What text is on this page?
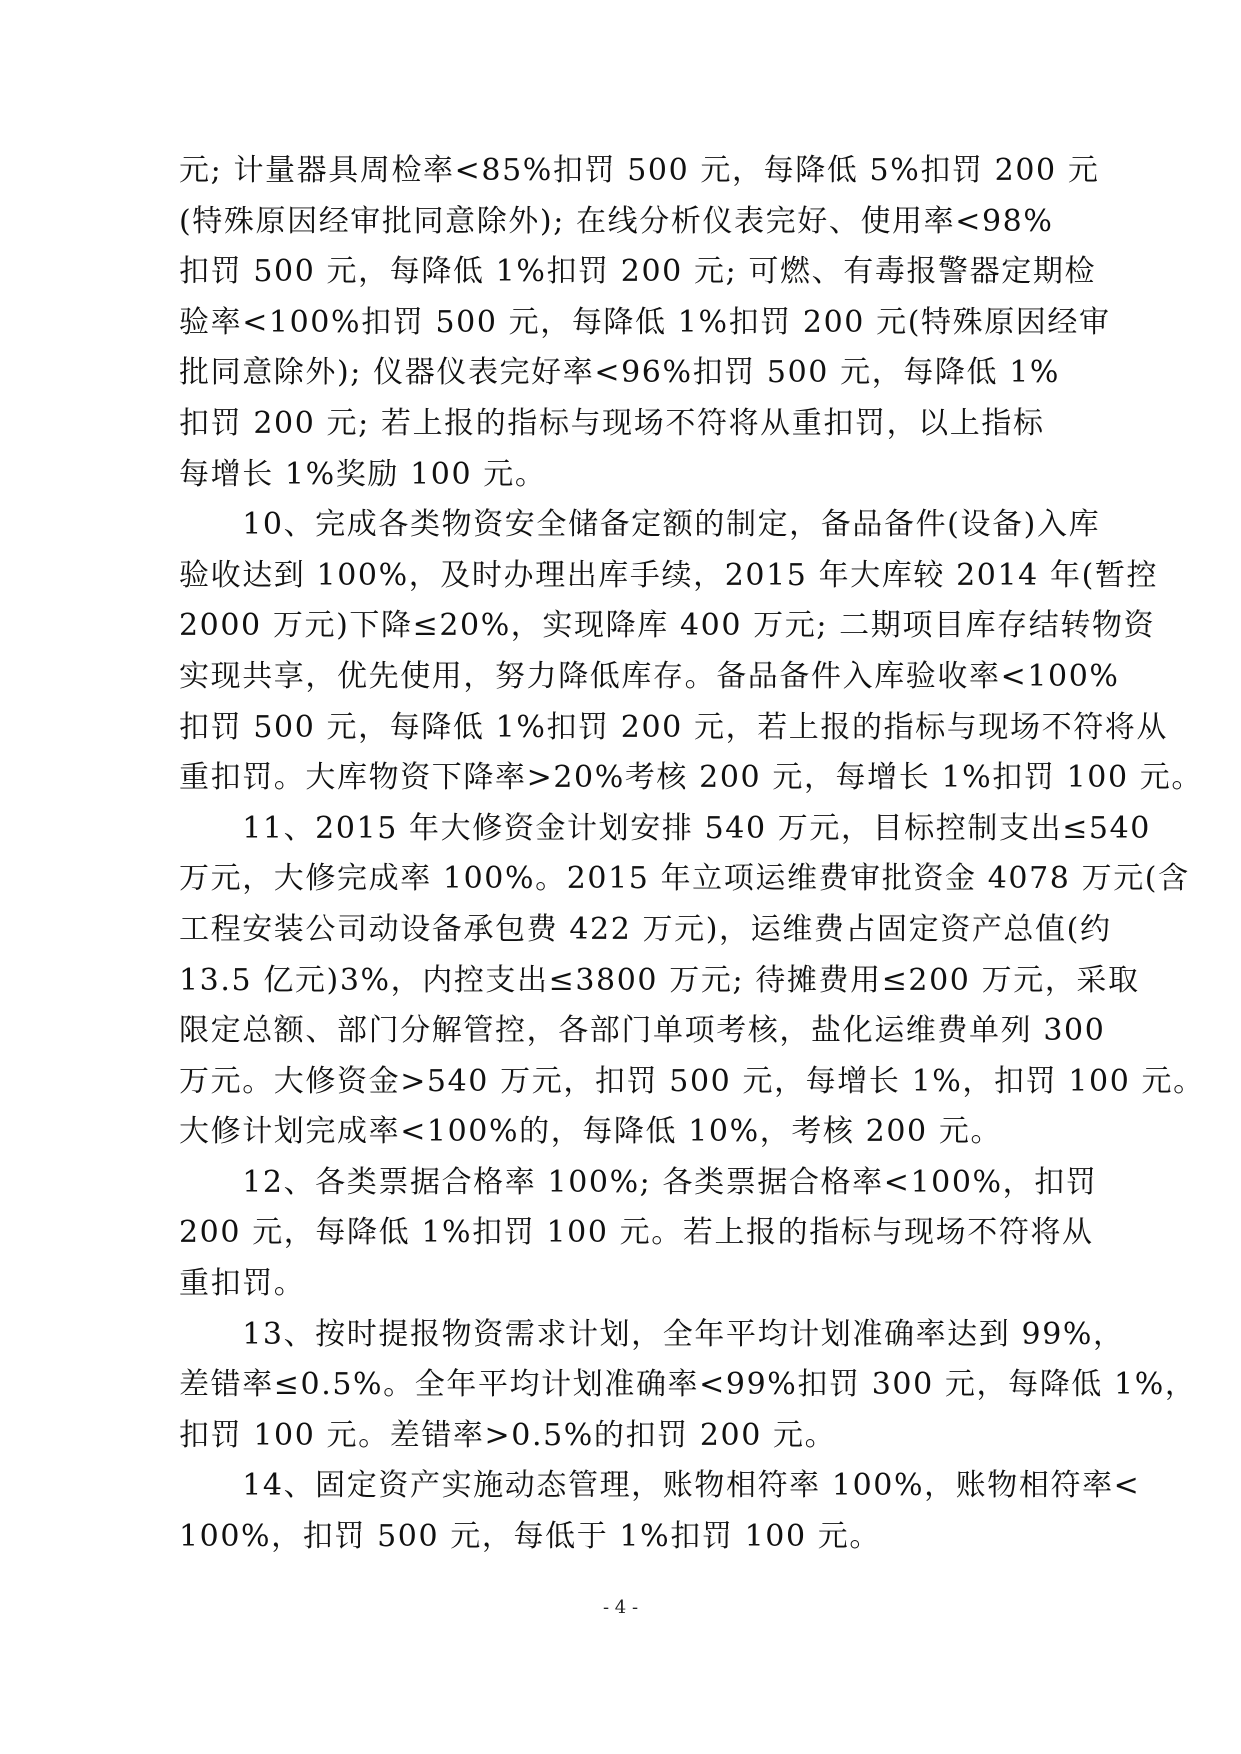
元; 计量器具周检率<85%扣罚 500 元，每降低 5%扣罚 200 元
(特殊原因经审批同意除外); 在线分析仪表完好、使用率<98%
扣罚 500 元，每降低 1%扣罚 200 元; 可燃、有毒报警器定期检
验率<100%扣罚 500 元，每降低 1%扣罚 200 元(特殊原因经审
批同意除外); 仪器仪表完好率<96%扣罚 500 元，每降低 1%
扣罚 200 元; 若上报的指标与现场不符将从重扣罚，以上指标
每增长 1%奖励 100 元。
　　10、完成各类物资安全储备定额的制定，备品备件(设备)入库
验收达到 100%，及时办理出库手续，2015 年大库较 2014 年(暂控
2000 万元)下降≤20%，实现降库 400 万元; 二期项目库存结转物资
实现共享，优先使用，努力降低库存。备品备件入库验收率<100%
扣罚 500 元，每降低 1%扣罚 200 元，若上报的指标与现场不符将从
重扣罚。大库物资下降率>20%考核 200 元，每增长 1%扣罚 100 元。
　　11、2015 年大修资金计划安排 540 万元，目标控制支出≤540
万元，大修完成率 100%。2015 年立项运维费审批资金 4078 万元(含
工程安装公司动设备承包费 422 万元)，运维费占固定资产总值(约
13.5 亿元)3%，内控支出≤3800 万元; 待摊费用≤200 万元，采取
限定总额、部门分解管控，各部门单项考核，盐化运维费单列 300
万元。大修资金>540 万元，扣罚 500 元，每增长 1%，扣罚 100 元。
大修计划完成率<100%的，每降低 10%，考核 200 元。
　　12、各类票据合格率 100%; 各类票据合格率<100%，扣罚
200 元，每降低 1%扣罚 100 元。若上报的指标与现场不符将从
重扣罚。
　　13、按时提报物资需求计划，全年平均计划准确率达到 99%，
差错率≤0.5%。全年平均计划准确率<99%扣罚 300 元，每降低 1%，
扣罚 100 元。差错率>0.5%的扣罚 200 元。
　　14、固定资产实施动态管理，账物相符率 100%，账物相符率<
100%，扣罚 500 元，每低于 1%扣罚 100 元。
- 4 -
